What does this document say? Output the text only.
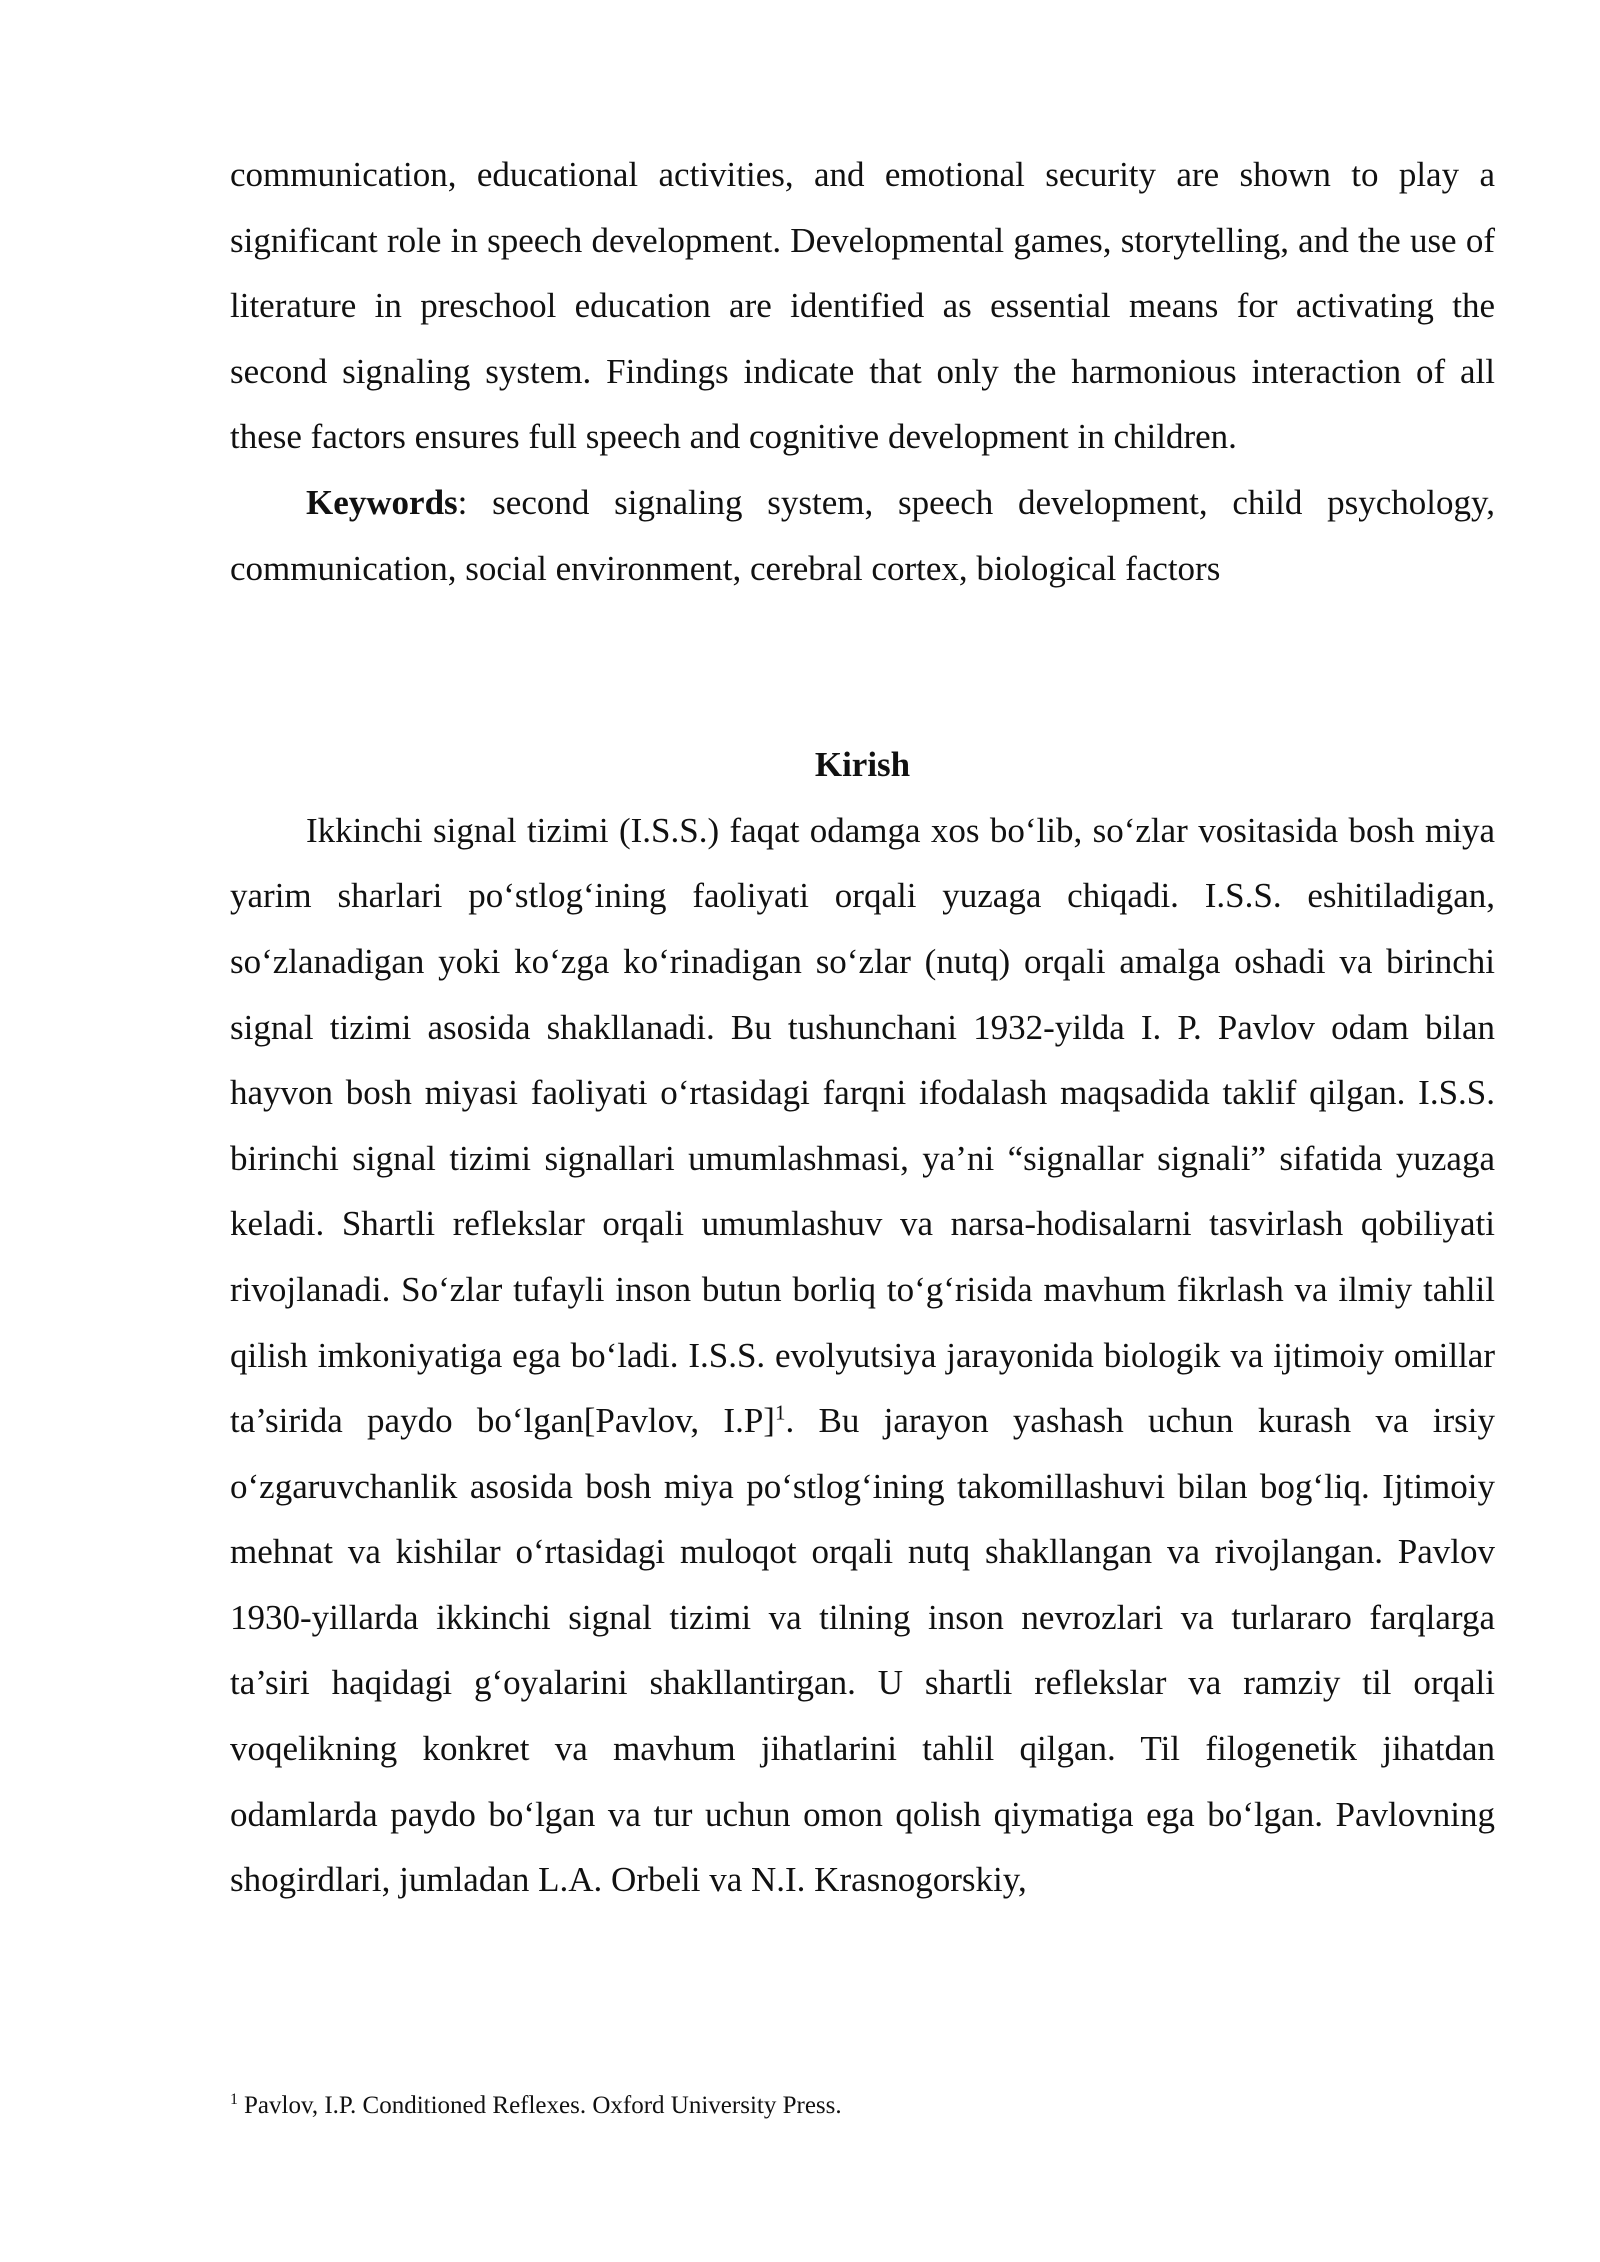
communication, educational activities, and emotional security are shown to play a significant role in speech development. Developmental games, storytelling, and the use of literature in preschool education are identified as essential means for activating the second signaling system. Findings indicate that only the harmonious interaction of all these factors ensures full speech and cognitive development in children.

Keywords: second signaling system, speech development, child psychology, communication, social environment, cerebral cortex, biological factors

Kirish

Ikkinchi signal tizimi (I.S.S.) faqat odamga xos bo‘lib, so‘zlar vositasida bosh miya yarim sharlari po‘stlog‘ining faoliyati orqali yuzaga chiqadi. I.S.S. eshitiladigan, so‘zlanadigan yoki ko‘zga ko‘rinadigan so‘zlar (nutq) orqali amalga oshadi va birinchi signal tizimi asosida shakllanadi. Bu tushunchani 1932-yilda I. P. Pavlov odam bilan hayvon bosh miyasi faoliyati o‘rtasidagi farqni ifodalash maqsadida taklif qilgan. I.S.S. birinchi signal tizimi signallari umumlashmasi, ya’ni “signallar signali” sifatida yuzaga keladi. Shartli reflekslar orqali umumlashuv va narsa-hodisalarni tasvirlash qobiliyati rivojlanadi. So‘zlar tufayli inson butun borliq to‘g‘risida mavhum fikrlash va ilmiy tahlil qilish imkoniyatiga ega bo‘ladi. I.S.S. evolyutsiya jarayonida biologik va ijtimoiy omillar ta’sirida paydo bo‘lgan[Pavlov, I.P]$^1$. Bu jarayon yashash uchun kurash va irsiy o‘zgaruvchanlik asosida bosh miya po‘stlog‘ining takomillashuvi bilan bog‘liq. Ijtimoiy mehnat va kishilar o‘rtasidagi muloqot orqali nutq shakllangan va rivojlangan. Pavlov 1930-yillarda ikkinchi signal tizimi va tilning inson nevrozlari va turlararo farqlarga ta’siri haqidagi g‘oyalarini shakllantirgan. U shartli reflekslar va ramziy til orqali voqelikning konkret va mavhum jihatlarini tahlil qilgan. Til filogenetik jihatdan odamlarda paydo bo‘lgan va tur uchun omon qolish qiymatiga ega bo‘lgan. Pavlovning shogirdlari, jumladan L.A. Orbeli va N.I. Krasnogorskiy,

$^1$ Pavlov, I.P. Conditioned Reflexes. Oxford University Press.
